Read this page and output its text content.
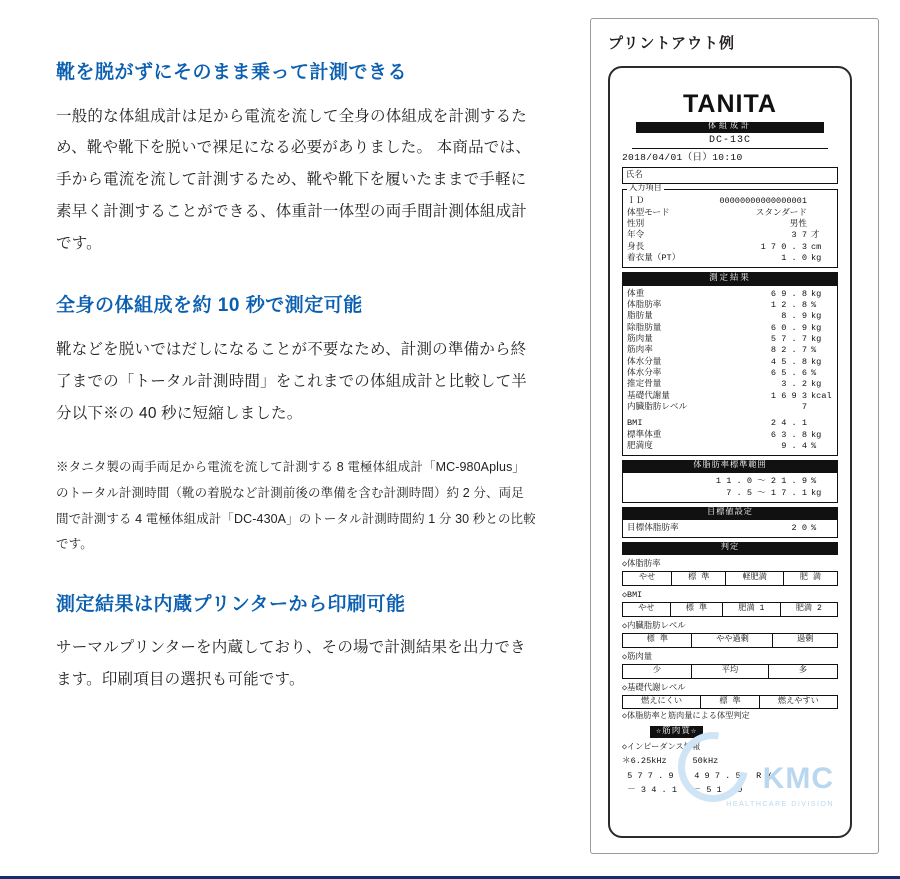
靴を脱がずにそのまま乗って計測できる

一般的な体組成計は足から電流を流して全身の体組成を計測するため、靴や靴下を脱いで裸足になる必要がありました。 本商品では、手から電流を流して計測するため、靴や靴下を履いたままで手軽に素早く計測することができる、体重計一体型の両手間計測体組成計です。

全身の体組成を約 10 秒で測定可能

靴などを脱いではだしになることが不要なため、計測の準備から終了までの「トータル計測時間」をこれまでの体組成計と比較して半分以下※の 40 秒に短縮しました。

※タニタ製の両手両足から電流を流して計測する 8 電極体組成計「MC-980Aplus」のトータル計測時間（靴の着脱など計測前後の準備を含む計測時間）約 2 分、両足間で計測する 4 電極体組成計「DC-430A」のトータル計測時間約 1 分 30 秒との比較です。

測定結果は内蔵プリンターから印刷可能

サーマルプリンターを内蔵しており、その場で計測結果を出力できます。印刷項目の選択も可能です。

プリントアウト例
TANITA
体組成計
DC-13C
2018/04/01（日）10:10
氏名
入力項目
ＩＤ	00000000000000001
体型モード	スタンダード
性別	男性
年令	3 7 才
身長	1 7 0 . 3 cm
着衣量（PT）	1 . 0 kg
測定結果
体重	6 9 . 8 kg
体脂肪率	1 2 . 8 %
脂肪量	8 . 9 kg
除脂肪量	6 0 . 9 kg
筋肉量	5 7 . 7 kg
筋肉率	8 2 . 7 %
体水分量	4 5 . 8 kg
体水分率	6 5 . 6 %
推定骨量	3 . 2 kg
基礎代謝量	1 6 9 3 kcal
内臓脂肪レベル	7
BMI	2 4 . 1
標準体重	6 3 . 8 kg
肥満度	9 . 4 %
体脂肪率標準範囲
1 1 . 0 ～ 2 1 . 9 %
7 . 5 ～ 1 7 . 1 kg
目標値設定
目標体脂肪率	2 0 %
判定
◇体脂肪率
やせ	標 準	軽肥満	肥 満
◇BMI
やせ	標 準	肥満 1	肥満 2
◇内臓脂肪レベル
標 準	やや過剰	過剰
◇筋肉量
少	平均	多
◇基礎代謝レベル
燃えにくい	標 準	燃えやすい
◇体脂肪率と筋肉量による体型判定
☆筋肉質☆
◇インピーダンス情報
＊6.25kHz     50kHz
5 7 7 . 9    4 9 7 . 5   R X
－ 3 4 . 1   － 5 1 . 0 KMC
HEALTHCARE DIVISION
